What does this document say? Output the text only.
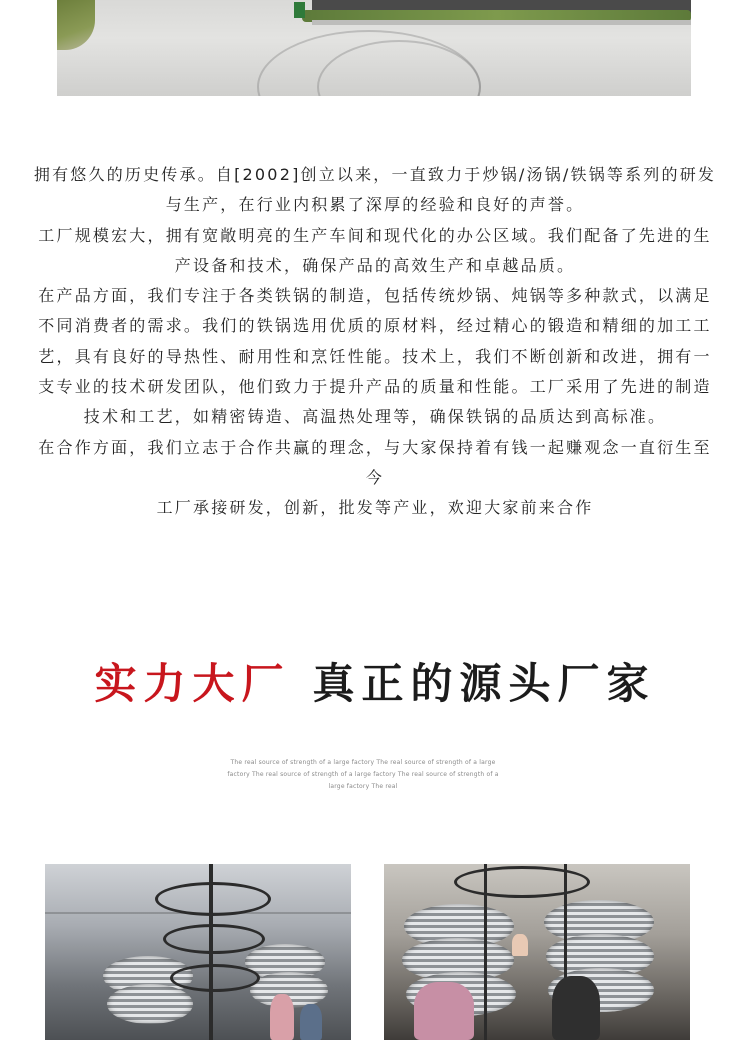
拥有悠久的历史传承。自[2002]创立以来，一直致力于炒锅/汤锅/铁锅等系列的研发与生产，在行业内积累了深厚的经验和良好的声誉。

工厂规模宏大，拥有宽敞明亮的生产车间和现代化的办公区域。我们配备了先进的生产设备和技术，确保产品的高效生产和卓越品质。

在产品方面，我们专注于各类铁锅的制造，包括传统炒锅、炖锅等多种款式，以满足不同消费者的需求。我们的铁锅选用优质的原材料，经过精心的锻造和精细的加工工艺，具有良好的导热性、耐用性和烹饪性能。技术上，我们不断创新和改进，拥有一支专业的技术研发团队，他们致力于提升产品的质量和性能。工厂采用了先进的制造技术和工艺，如精密铸造、高温热处理等，确保铁锅的品质达到高标准。

在合作方面，我们立志于合作共赢的理念，与大家保持着有钱一起赚观念一直衍生至今

工厂承接研发，创新，批发等产业，欢迎大家前来合作

实力大厂 真正的源头厂家
The real source of strength of a large factory The real source of strength of a large factory The real source of strength of a large factory The real source of strength of a large factory The real
